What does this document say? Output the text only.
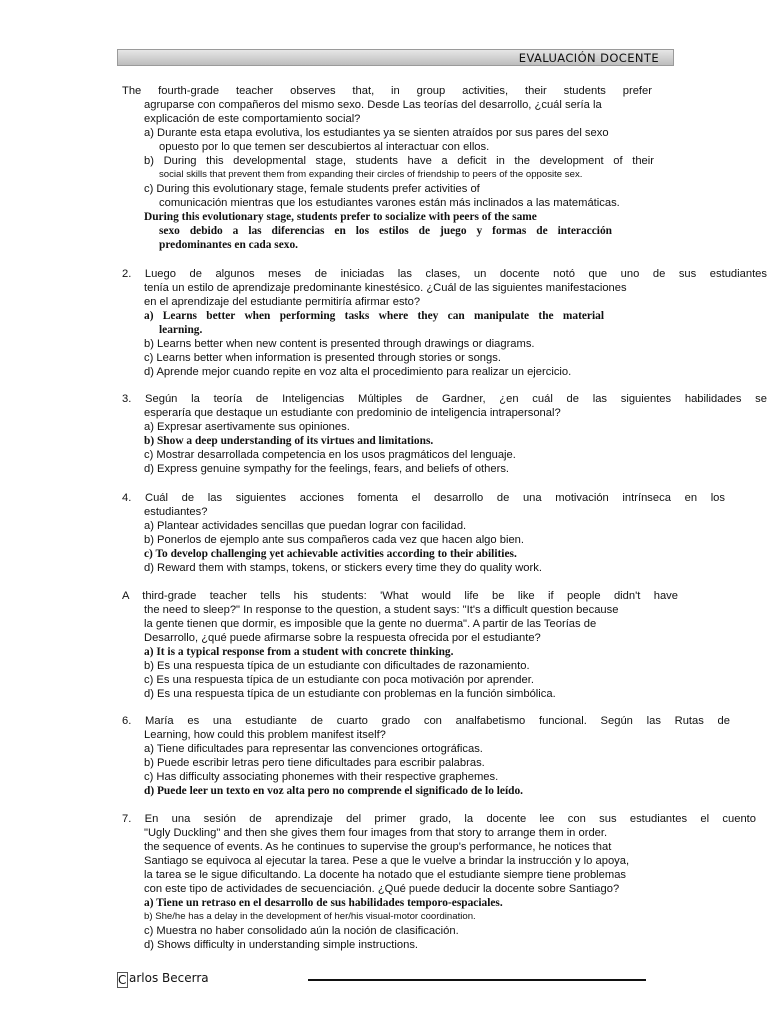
EVALUACIÓN DOCENTE
The fourth-grade teacher observes that, in group activities, their students prefer
agruparse con compañeros del mismo sexo. Desde Las teorías del desarrollo, ¿cuál sería la
explicación de este comportamiento social?
a) Durante esta etapa evolutiva, los estudiantes ya se sienten atraídos por sus pares del sexo
opuesto por lo que temen ser descubiertos al interactuar con ellos.
b) During this developmental stage, students have a deficit in the development of their
social skills that prevent them from expanding their circles of friendship to peers of the opposite sex.
c) During this evolutionary stage, female students prefer activities of
comunicación mientras que los estudiantes varones están más inclinados a las matemáticas.
During this evolutionary stage, students prefer to socialize with peers of the same
sexo debido a las diferencias en los estilos de juego y formas de interacción
predominantes en cada sexo.
2. Luego de algunos meses de iniciadas las clases, un docente notó que uno de sus estudiantes
tenía un estilo de aprendizaje predominante kinestésico. ¿Cuál de las siguientes manifestaciones
en el aprendizaje del estudiante permitiría afirmar esto?
a) Learns better when performing tasks where they can manipulate the material
learning.
b) Learns better when new content is presented through drawings or diagrams.
c) Learns better when information is presented through stories or songs.
d) Aprende mejor cuando repite en voz alta el procedimiento para realizar un ejercicio.
3. Según la teoría de Inteligencias Múltiples de Gardner, ¿en cuál de las siguientes habilidades se
esperaría que destaque un estudiante con predominio de inteligencia intrapersonal?
a) Expresar asertivamente sus opiniones.
b) Show a deep understanding of its virtues and limitations.
c) Mostrar desarrollada competencia en los usos pragmáticos del lenguaje.
d) Express genuine sympathy for the feelings, fears, and beliefs of others.
4. Cuál de las siguientes acciones fomenta el desarrollo de una motivación intrínseca en los
estudiantes?
a) Plantear actividades sencillas que puedan lograr con facilidad.
b) Ponerlos de ejemplo ante sus compañeros cada vez que hacen algo bien.
c) To develop challenging yet achievable activities according to their abilities.
d) Reward them with stamps, tokens, or stickers every time they do quality work.
A third-grade teacher tells his students: 'What would life be like if people didn't have
the need to sleep?" In response to the question, a student says: "It's a difficult question because
la gente tienen que dormir, es imposible que la gente no duerma". A partir de las Teorías de
Desarrollo, ¿qué puede afirmarse sobre la respuesta ofrecida por el estudiante?
a) It is a typical response from a student with concrete thinking.
b) Es una respuesta típica de un estudiante con dificultades de razonamiento.
c) Es una respuesta típica de un estudiante con poca motivación por aprender.
d) Es una respuesta típica de un estudiante con problemas en la función simbólica.
6. María es una estudiante de cuarto grado con analfabetismo funcional. Según las Rutas de
Learning, how could this problem manifest itself?
a) Tiene dificultades para representar las convenciones ortográficas.
b) Puede escribir letras pero tiene dificultades para escribir palabras.
c) Has difficulty associating phonemes with their respective graphemes.
d) Puede leer un texto en voz alta pero no comprende el significado de lo leído.
7. En una sesión de aprendizaje del primer grado, la docente lee con sus estudiantes el cuento
"Ugly Duckling" and then she gives them four images from that story to arrange them in order.
the sequence of events. As he continues to supervise the group's performance, he notices that
Santiago se equivoca al ejecutar la tarea. Pese a que le vuelve a brindar la instrucción y lo apoya,
la tarea se le sigue dificultando. La docente ha notado que el estudiante siempre tiene problemas
con este tipo de actividades de secuenciación. ¿Qué puede deducir la docente sobre Santiago?
a) Tiene un retraso en el desarrollo de sus habilidades temporo-espaciales.
b) She/he has a delay in the development of her/his visual-motor coordination.
c) Muestra no haber consolidado aún la noción de clasificación.
d) Shows difficulty in understanding simple instructions.
C arlos Becerra
